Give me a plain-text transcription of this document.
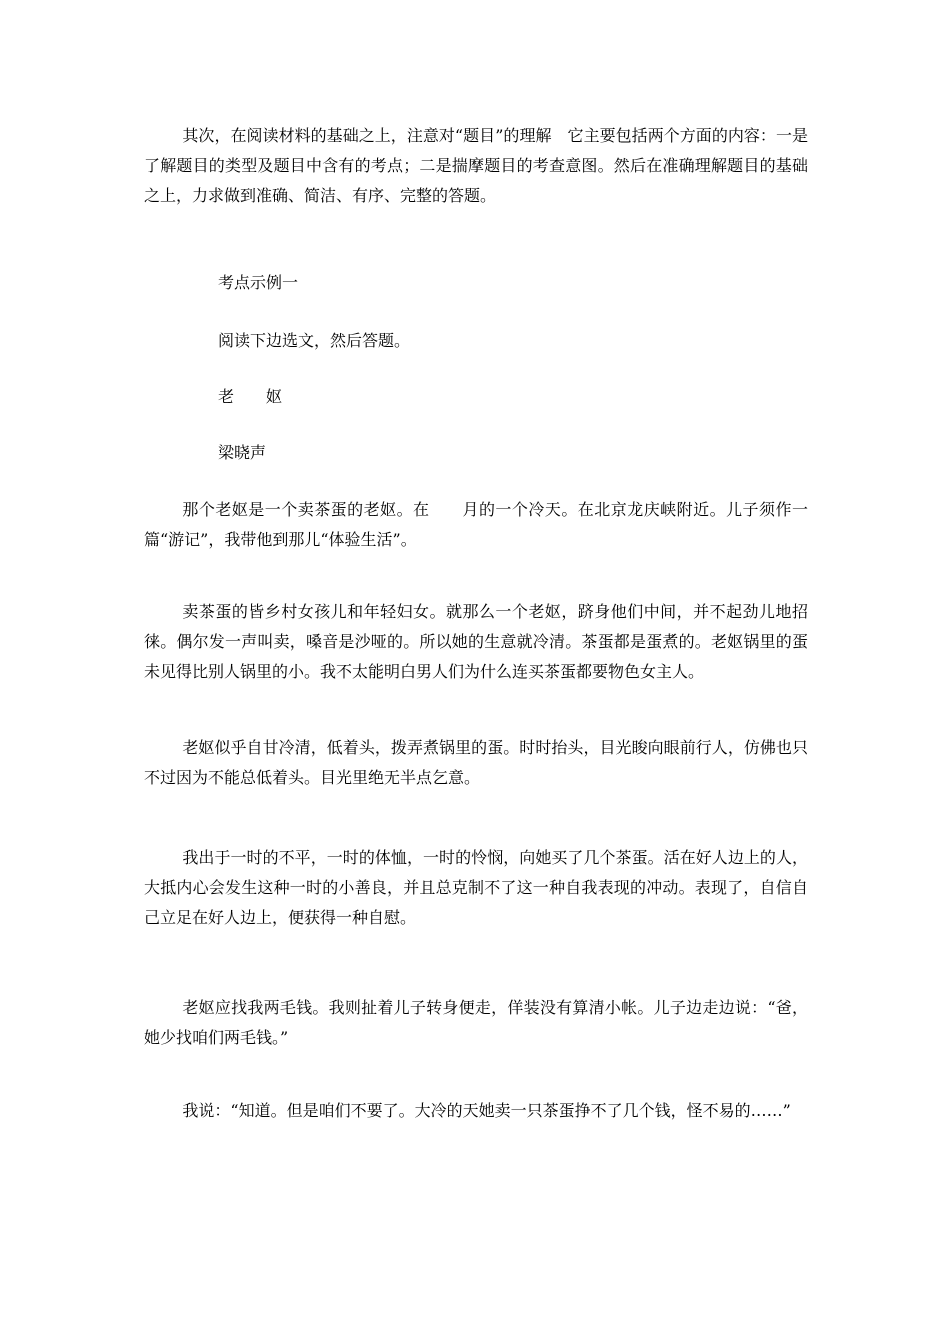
其次，在阅读材料的基础之上，注意对“题目”的理解　它主要包括两个方面的内容：一是了解题目的类型及题目中含有的考点；二是揣摩题目的考查意图。然后在准确理解题目的基础之上，力求做到准确、简洁、有序、完整的答题。

考点示例一

阅读下边选文，然后答题。

老　　妪

梁晓声

那个老妪是一个卖茶蛋的老妪。在　　月的一个冷天。在北京龙庆峡附近。儿子须作一篇“游记”，我带他到那儿“体验生活”。

卖茶蛋的皆乡村女孩儿和年轻妇女。就那么一个老妪，跻身他们中间，并不起劲儿地招徕。偶尔发一声叫卖，嗓音是沙哑的。所以她的生意就冷清。茶蛋都是蛋煮的。老妪锅里的蛋未见得比别人锅里的小。我不太能明白男人们为什么连买茶蛋都要物色女主人。

老妪似乎自甘冷清，低着头，拨弄煮锅里的蛋。时时抬头，目光睃向眼前行人，仿佛也只不过因为不能总低着头。目光里绝无半点乞意。

我出于一时的不平，一时的体恤，一时的怜悯，向她买了几个茶蛋。活在好人边上的人，大抵内心会发生这种一时的小善良，并且总克制不了这一种自我表现的冲动。表现了，自信自己立足在好人边上，便获得一种自慰。

老妪应找我两毛钱。我则扯着儿子转身便走，佯装没有算清小帐。儿子边走边说：“爸，她少找咱们两毛钱。”

我说：“知道。但是咱们不要了。大冷的天她卖一只茶蛋挣不了几个钱，怪不易的……”
